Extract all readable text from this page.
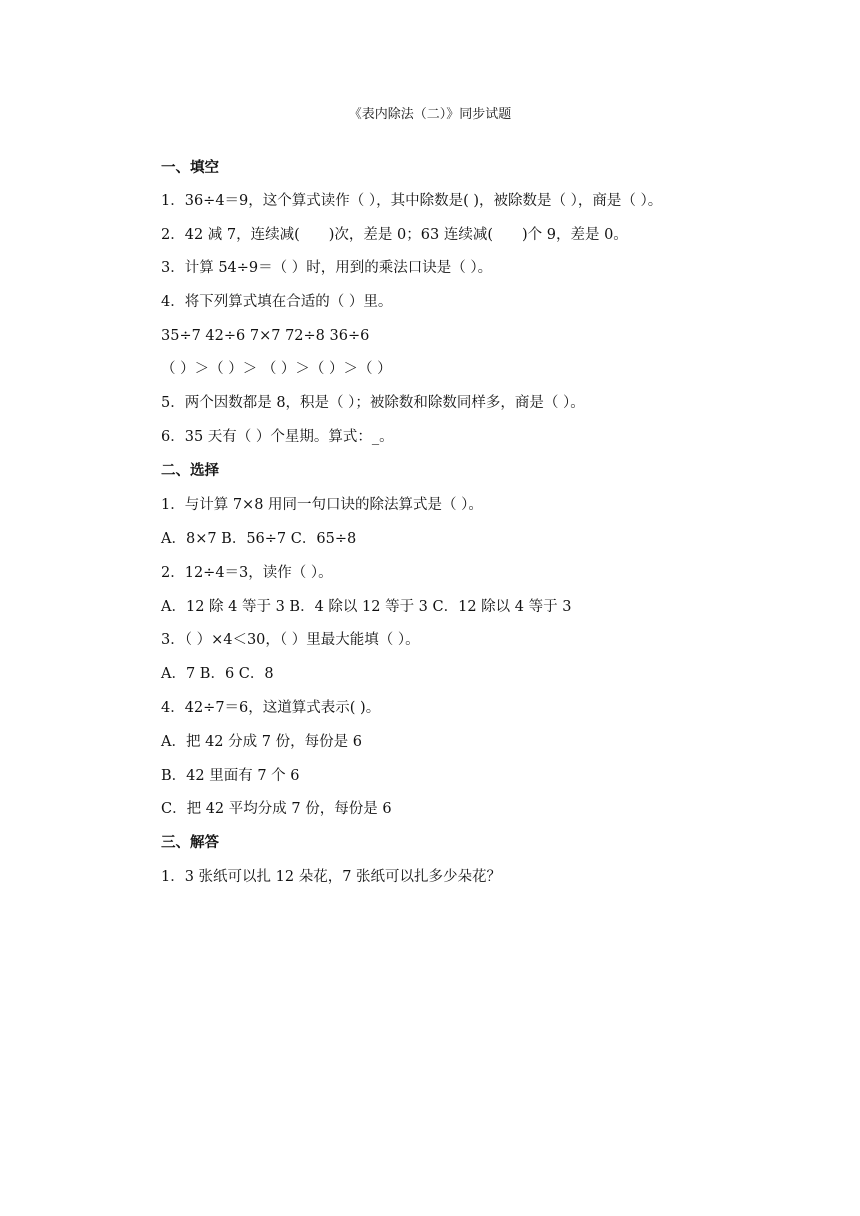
《表内除法（二）》同步试题
一、填空
1．36÷4＝9，这个算式读作（ ），其中除数是( )，被除数是（ ），商是（ ）。
2．42 减 7，连续减(　　)次，差是 0；63 连续减(　　)个 9，差是 0。
3．计算 54÷9＝（ ）时，用到的乘法口诀是（ ）。
4．将下列算式填在合适的（ ）里。
35÷7 42÷6 7×7 72÷8 36÷6
（ ）＞（ ）＞ （ ）＞（ ）＞（ ）
5．两个因数都是 8，积是（ ）；被除数和除数同样多，商是（ ）。
6．35 天有（ ）个星期。算式：_。
二、选择
1．与计算 7×8 用同一句口诀的除法算式是（ ）。
A．8×7 B．56÷7 C．65÷8
2．12÷4＝3，读作（ ）。
A．12 除 4 等于 3 B．4 除以 12 等于 3 C．12 除以 4 等于 3
3．（ ）×4＜30，（ ）里最大能填（ ）。
A．7 B．6 C．8
4．42÷7＝6，这道算式表示( )。
A．把 42 分成 7 份，每份是 6
B．42 里面有 7 个 6
C．把 42 平均分成 7 份，每份是 6
三、解答
1．3 张纸可以扎 12 朵花，7 张纸可以扎多少朵花？
